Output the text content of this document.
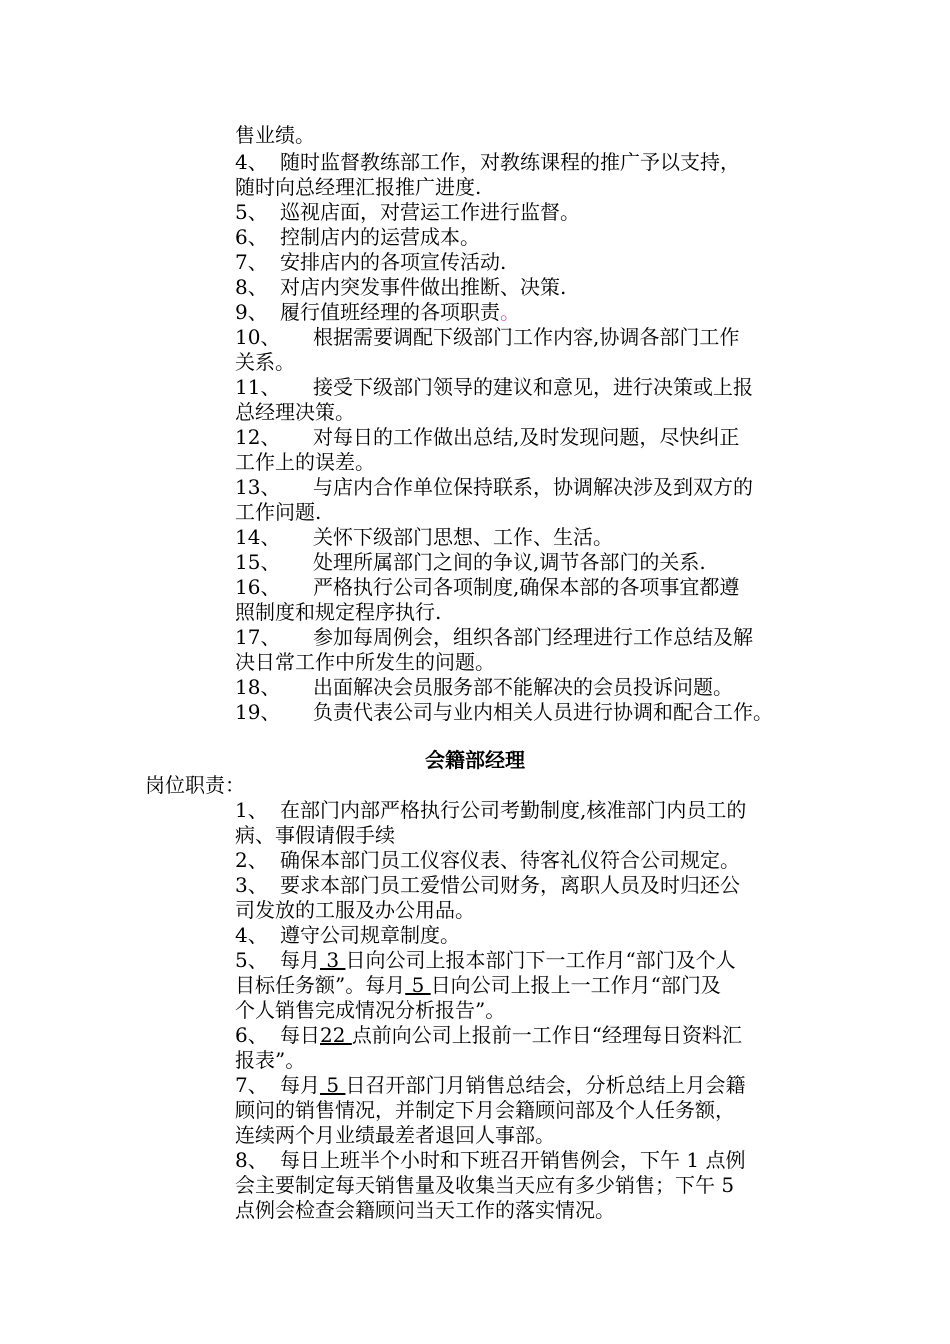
售业绩。
4、 随时监督教练部工作，对教练课程的推广予以支持，
随时向总经理汇报推广进度.
5、 巡视店面，对营运工作进行监督。
6、 控制店内的运营成本。
7、 安排店内的各项宣传活动.
8、 对店内突发事件做出推断、决策.
9、 履行值班经理的各项职责。
10、 根据需要调配下级部门工作内容,协调各部门工作
关系。
11、 接受下级部门领导的建议和意见，进行决策或上报
总经理决策。
12、 对每日的工作做出总结,及时发现问题，尽快纠正
工作上的误差。
13、 与店内合作单位保持联系，协调解决涉及到双方的
工作问题.
14、 关怀下级部门思想、工作、生活。
15、 处理所属部门之间的争议,调节各部门的关系.
16、 严格执行公司各项制度,确保本部的各项事宜都遵
照制度和规定程序执行.
17、 参加每周例会，组织各部门经理进行工作总结及解
决日常工作中所发生的问题。
18、 出面解决会员服务部不能解决的会员投诉问题。
19、 负责代表公司与业内相关人员进行协调和配合工作。
会籍部经理
岗位职责：
1、 在部门内部严格执行公司考勤制度,核准部门内员工的
病、事假请假手续
2、 确保本部门员工仪容仪表、待客礼仪符合公司规定。
3、 要求本部门员工爱惜公司财务，离职人员及时归还公
司发放的工服及办公用品。
4、 遵守公司规章制度。
5、 每月 3 日向公司上报本部门下一工作月“部门及个人
目标任务额”。每月 5 日向公司上报上一工作月“部门及
个人销售完成情况分析报告”。
6、 每日22 点前向公司上报前一工作日“经理每日资料汇
报表”。
7、 每月 5 日召开部门月销售总结会，分析总结上月会籍
顾问的销售情况，并制定下月会籍顾问部及个人任务额，
连续两个月业绩最差者退回人事部。
8、 每日上班半个小时和下班召开销售例会，下午 1 点例
会主要制定每天销售量及收集当天应有多少销售；下午 5
点例会检查会籍顾问当天工作的落实情况。
